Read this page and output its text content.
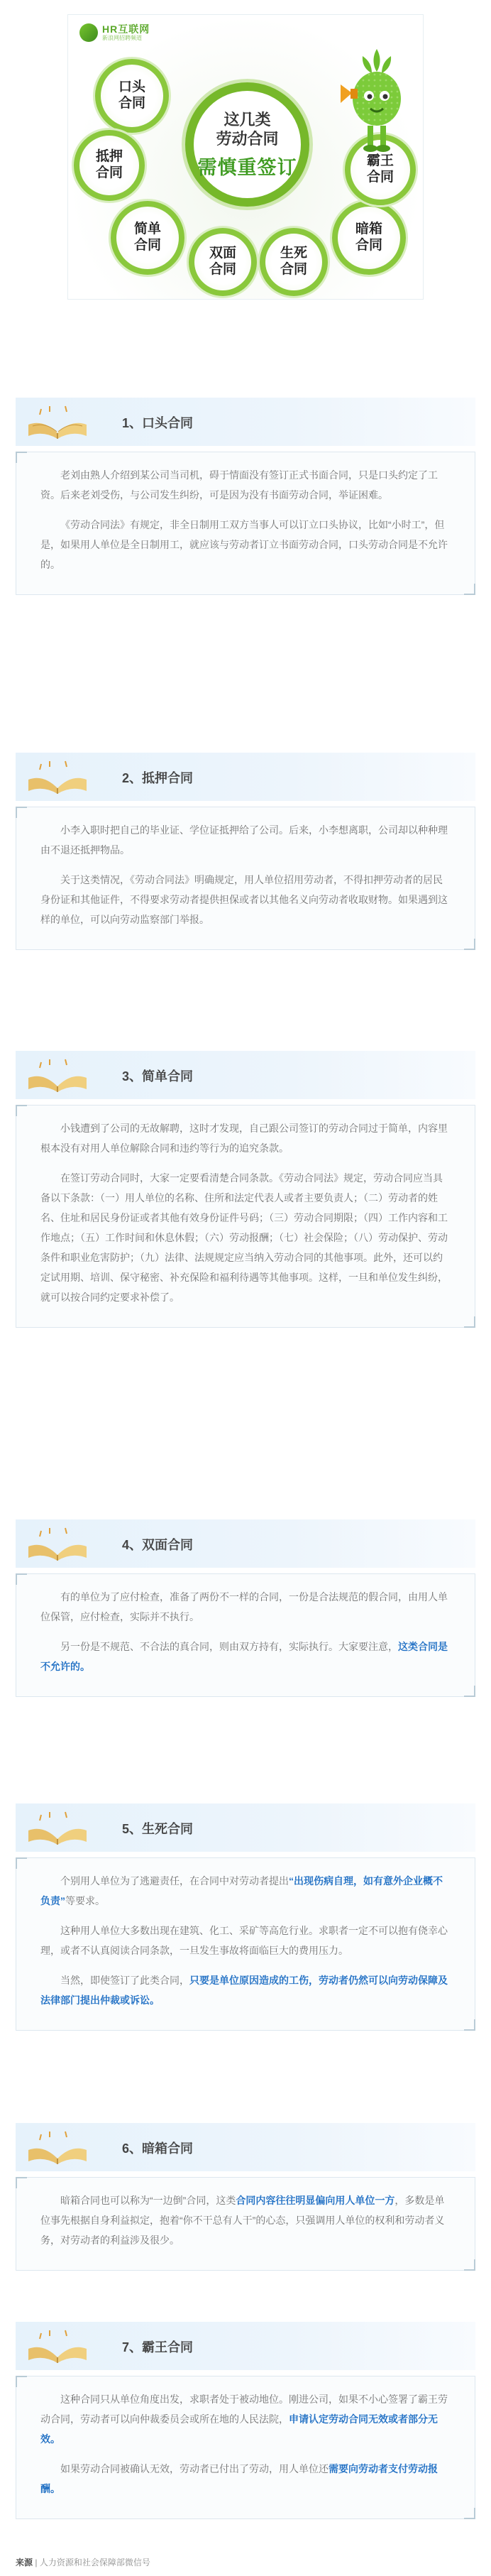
HR互联网
新浪网招聘频道
这几类
劳动合同
需慎重签订
口头
合同
抵押
合同
简单
合同
双面
合同
生死
合同
暗箱
合同
霸王
合同
1、口头合同

老刘由熟人介绍到某公司当司机，碍于情面没有签订正式书面合同，只是口头约定了工资。后来老刘受伤，与公司发生纠纷，可是因为没有书面劳动合同，举证困难。

《劳动合同法》有规定，非全日制用工双方当事人可以订立口头协议，比如“小时工”，但是，如果用人单位是全日制用工，就应该与劳动者订立书面劳动合同，口头劳动合同是不允许的。

2、抵押合同

小李入职时把自己的毕业证、学位证抵押给了公司。后来，小李想离职，公司却以种种理由不退还抵押物品。

关于这类情况，《劳动合同法》明确规定，用人单位招用劳动者，不得扣押劳动者的居民身份证和其他证件，不得要求劳动者提供担保或者以其他名义向劳动者收取财物。如果遇到这样的单位，可以向劳动监察部门举报。

3、简单合同

小钱遭到了公司的无故解聘，这时才发现，自己跟公司签订的劳动合同过于简单，内容里根本没有对用人单位解除合同和违约等行为的追究条款。

在签订劳动合同时，大家一定要看清楚合同条款。《劳动合同法》规定，劳动合同应当具备以下条款：（一）用人单位的名称、住所和法定代表人或者主要负责人；（二）劳动者的姓名、住址和居民身份证或者其他有效身份证件号码；（三）劳动合同期限；（四）工作内容和工作地点；（五）工作时间和休息休假；（六）劳动报酬；（七）社会保险；（八）劳动保护、劳动条件和职业危害防护；（九）法律、法规规定应当纳入劳动合同的其他事项。此外，还可以约定试用期、培训、保守秘密、补充保险和福利待遇等其他事项。这样，一旦和单位发生纠纷，就可以按合同约定要求补偿了。

4、双面合同

有的单位为了应付检查，准备了两份不一样的合同，一份是合法规范的假合同，由用人单位保管，应付检查，实际并不执行。

另一份是不规范、不合法的真合同，则由双方持有，实际执行。大家要注意，这类合同是不允许的。

5、生死合同

个别用人单位为了逃避责任，在合同中对劳动者提出“出现伤病自理，如有意外企业概不负责”等要求。

这种用人单位大多数出现在建筑、化工、采矿等高危行业。求职者一定不可以抱有侥幸心理，或者不认真阅读合同条款，一旦发生事故将面临巨大的费用压力。

当然，即使签订了此类合同，只要是单位原因造成的工伤，劳动者仍然可以向劳动保障及法律部门提出仲裁或诉讼。

6、暗箱合同

暗箱合同也可以称为“一边倒”合同，这类合同内容往往明显偏向用人单位一方，多数是单位事先根据自身利益拟定，抱着“你不干总有人干”的心态，只强调用人单位的权利和劳动者义务，对劳动者的利益涉及很少。

7、霸王合同

这种合同只从单位角度出发，求职者处于被动地位。刚进公司，如果不小心签署了霸王劳动合同，劳动者可以向仲裁委员会或所在地的人民法院，申请认定劳动合同无效或者部分无效。

如果劳动合同被确认无效，劳动者已付出了劳动，用人单位还需要向劳动者支付劳动报酬。

来源 | 人力资源和社会保障部微信号
